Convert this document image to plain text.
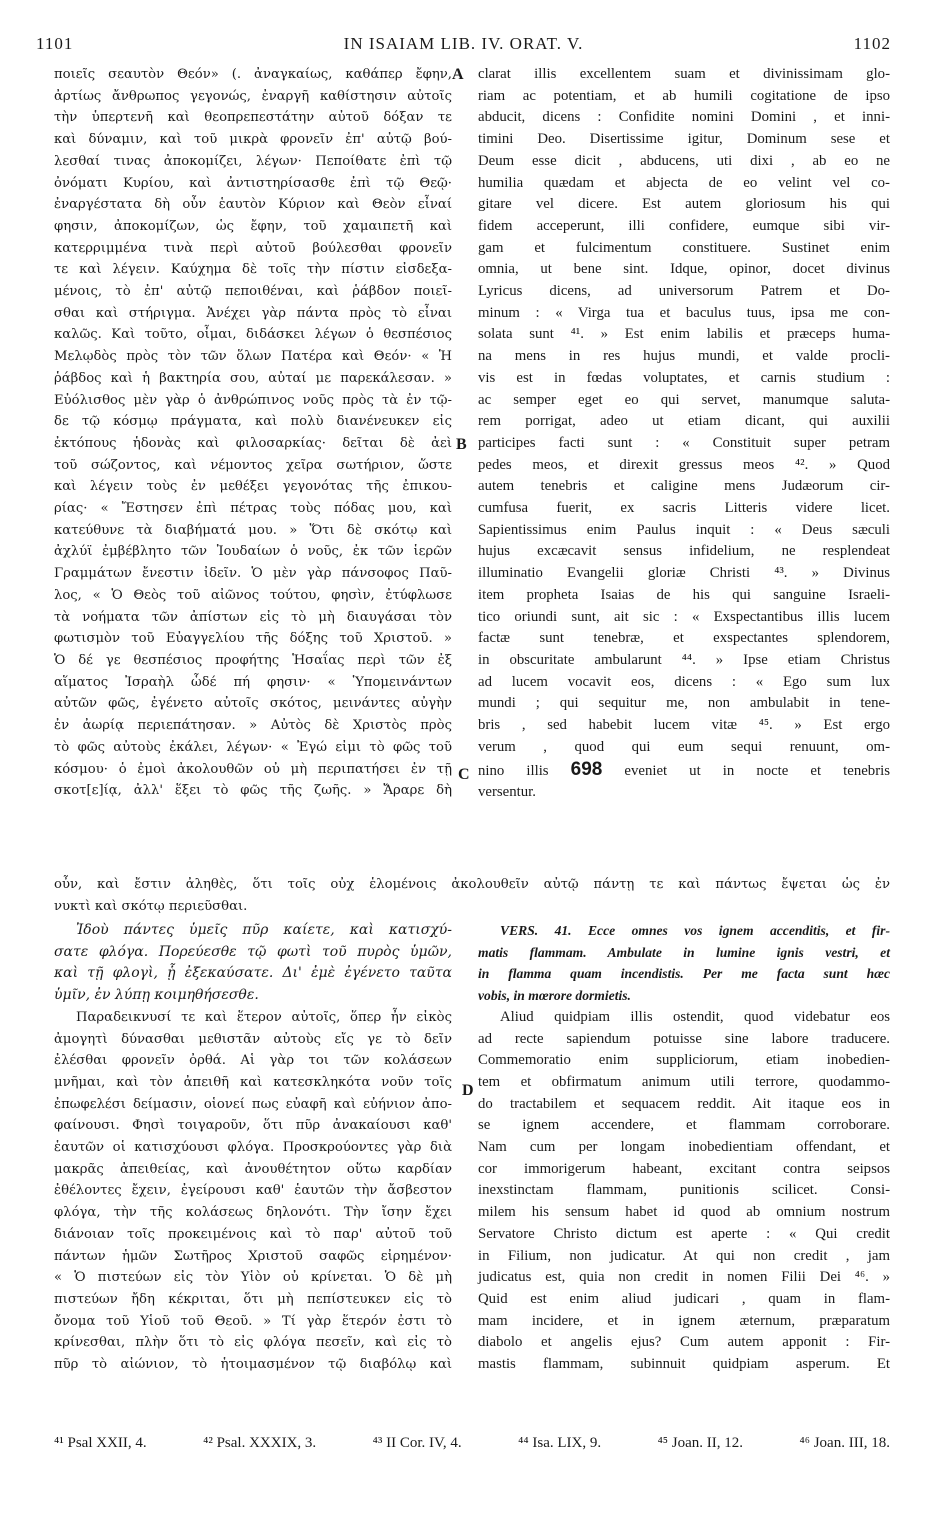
1101	IN ISAIAM LIB. IV. ORAT. V.	1102
A
B
C
D

ποιεῖς σεαυτὸν Θεόν» (. ἀναγκαίως, καθάπερ ἔφην,

ἀρτίως ἄνθρωπος γεγονώς, ἐναργῆ καθίστησιν αὐτοῖς

τὴν ὑπερτενῆ καὶ θεοπρεπεστάτην αὐτοῦ δόξαν τε

καὶ δύναμιν, καὶ τοῦ μικρὰ φρονεῖν ἐπ' αὐτῷ βού-

λεσθαί τινας ἀποκομίζει, λέγων· Πεποίθατε ἐπὶ τῷ

ὀνόματι Κυρίου, καὶ ἀντιστηρίσασθε ἐπὶ τῷ Θεῷ·

ἐναργέστατα δὴ οὖν ἑαυτὸν Κύριον καὶ Θεὸν εἶναί

φησιν, ἀποκομίζων, ὡς ἔφην, τοῦ χαμαιπετῆ καὶ

κατερριμμένα τινὰ περὶ αὐτοῦ βούλεσθαι φρονεῖν

τε καὶ λέγειν. Καύχημα δὲ τοῖς τὴν πίστιν εἰσδεξα-

μένοις, τὸ ἐπ' αὐτῷ πεποιθέναι, καὶ ῥάβδον ποιεῖ-

σθαι καὶ στήριγμα. Ἀνέχει γὰρ πάντα πρὸς τὸ εἶναι

καλῶς. Καὶ τοῦτο, οἶμαι, διδάσκει λέγων ὁ θεσπέσιος

Μελῳδὸς πρὸς τὸν τῶν ὅλων Πατέρα καὶ Θεόν· « Ἡ

ῥάβδος καὶ ἡ βακτηρία σου, αὐταί με παρεκάλεσαν. »

Εὐόλισθος μὲν γὰρ ὁ ἀνθρώπινος νοῦς πρὸς τὰ ἐν τῷ-

δε τῷ κόσμῳ πράγματα, καὶ πολὺ διανένευκεν εἰς

ἐκτόπους ἡδονὰς καὶ φιλοσαρκίας· δεῖται δὲ ἀεὶ

τοῦ σώζοντος, καὶ νέμοντος χεῖρα σωτήριον, ὥστε

καὶ λέγειν τοὺς ἐν μεθέξει γεγονότας τῆς ἐπικου-

ρίας· « Ἔστησεν ἐπὶ πέτρας τοὺς πόδας μου, καὶ

κατεύθυνε τὰ διαβήματά μου. » Ὅτι δὲ σκότῳ καὶ

ἀχλύϊ ἐμβέβλητο τῶν Ἰουδαίων ὁ νοῦς, ἐκ τῶν ἱερῶν

Γραμμάτων ἔνεστιν ἰδεῖν. Ὁ μὲν γὰρ πάνσοφος Παῦ-

λος, « Ὁ Θεὸς τοῦ αἰῶνος τούτου, φησὶν, ἐτύφλωσε

τὰ νοήματα τῶν ἀπίστων εἰς τὸ μὴ διαυγάσαι τὸν

φωτισμὸν τοῦ Εὐαγγελίου τῆς δόξης τοῦ Χριστοῦ. »

Ὁ δέ γε θεσπέσιος προφήτης Ἡσαΐας περὶ τῶν ἐξ

αἵματος Ἰσραὴλ ὧδέ πή φησιν· « Ὑπομεινάντων

αὐτῶν φῶς, ἐγένετο αὐτοῖς σκότος, μεινάντες αὐγὴν

ἐν ἀωρίᾳ περιεπάτησαν. » Αὐτὸς δὲ Χριστὸς πρὸς

τὸ φῶς αὐτοὺς ἐκάλει, λέγων· « Ἐγώ εἰμι τὸ φῶς τοῦ

κόσμου· ὁ ἐμοὶ ἀκολουθῶν οὐ μὴ περιπατήσει ἐν τῇ

σκοτ[ε]ίᾳ, ἀλλ' ἕξει τὸ φῶς τῆς ζωῆς. » Ἄραρε δὴ

clarat illis excellentem suam et divinissimam glo-

riam ac potentiam, et ab humili cogitatione de ipso

abducit, dicens : Confidite nomini Domini , et inni-

timini Deo. Disertissime igitur, Dominum sese et

Deum esse dicit , abducens, uti dixi , ab eo ne

humilia quædam et abjecta de eo velint vel co-

gitare vel dicere. Est autem gloriosum his qui

fidem acceperunt, illi confidere, eumque sibi vir-

gam et fulcimentum constituere. Sustinet enim

omnia, ut bene sint. Idque, opinor, docet divinus

Lyricus dicens, ad universorum Patrem et Do-

minum : « Virga tua et baculus tuus, ipsa me con-

solata sunt ⁴¹. » Est enim labilis et præceps huma-

na mens in res hujus mundi, et valde procli-

vis est in fœdas voluptates, et carnis studium :

ac semper eget eo qui servet, manumque saluta-

rem porrigat, adeo ut etiam dicant, qui auxilii

participes facti sunt : « Constituit super petram

pedes meos, et direxit gressus meos ⁴². » Quod

autem tenebris et caligine mens Judæorum cir-

cumfusa fuerit, ex sacris Litteris videre licet.

Sapientissimus enim Paulus inquit : « Deus sæculi

hujus excæcavit sensus infidelium, ne resplendeat

illuminatio Evangelii gloriæ Christi ⁴³. » Divinus

item propheta Isaias de his qui sanguine Israeli-

tico oriundi sunt, ait sic : « Exspectantibus illis lucem

factæ sunt tenebræ, et exspectantes splendorem,

in obscuritate ambularunt ⁴⁴. » Ipse etiam Christus

ad lucem vocavit eos, dicens : « Ego sum lux

mundi ; qui sequitur me, non ambulabit in tene-

bris , sed habebit lucem vitæ ⁴⁵. » Est ergo

verum , quod qui eum sequi renuunt, om-

nino illis 698 eveniet ut in nocte et tenebris

versentur.

οὖν, καὶ ἔστιν ἀληθὲς, ὅτι τοῖς οὐχ ἑλομένοις ἀκολουθεῖν αὐτῷ πάντῃ τε καὶ πάντως ἔψεται ὡς ἐν

νυκτὶ καὶ σκότῳ περιεῦσθαι.

Ἰδοὺ πάντες ὑμεῖς πῦρ καίετε, καὶ κατισχύ-

σατε φλόγα. Πορεύεσθε τῷ φωτὶ τοῦ πυρὸς ὑμῶν,

καὶ τῇ φλογὶ, ᾗ ἐξεκαύσατε. Δι' ἐμὲ ἐγένετο ταῦτα

ὑμῖν, ἐν λύπῃ κοιμηθήσεσθε.

Παραδεικνυσί τε καὶ ἕτερον αὐτοῖς, ὅπερ ἦν εἰκὸς

ἀμογητὶ δύνασθαι μεθιστᾶν αὐτοὺς εἴς γε τὸ δεῖν

ἐλέσθαι φρονεῖν ὀρθά. Αἱ γὰρ τοι τῶν κολάσεων

μνῆμαι, καὶ τὸν ἀπειθῆ καὶ κατεσκληκότα νοῦν τοῖς

ἐπωφελέσι δείμασιν, οἱονεί πως εὐαφῆ καὶ εὐήνιον ἀπο-

φαίνουσι. Φησὶ τοιγαροῦν, ὅτι πῦρ ἀνακαίουσι καθ'

ἑαυτῶν οἱ κατισχύουσι φλόγα. Προσκρούοντες γὰρ διὰ

μακρᾶς ἀπειθείας, καὶ ἀνουθέτητον οὕτω καρδίαν

ἐθέλοντες ἔχειν, ἐγείρουσι καθ' ἑαυτῶν τὴν ἄσβεστον

φλόγα, τὴν τῆς κολάσεως δηλονότι. Τὴν ἴσην ἔχει

διάνοιαν τοῖς προκειμένοις καὶ τὸ παρ' αὐτοῦ τοῦ

πάντων ἡμῶν Σωτῆρος Χριστοῦ σαφῶς εἰρημένον·

« Ὁ πιστεύων εἰς τὸν Υἱὸν οὐ κρίνεται. Ὁ δὲ μὴ

πιστεύων ἤδη κέκριται, ὅτι μὴ πεπίστευκεν εἰς τὸ

ὄνομα τοῦ Υἱοῦ τοῦ Θεοῦ. » Τί γὰρ ἕτερόν ἐστι τὸ

κρίνεσθαι, πλὴν ὅτι τὸ εἰς φλόγα πεσεῖν, καὶ εἰς τὸ

πῦρ τὸ αἰώνιον, τὸ ἡτοιμασμένον τῷ διαβόλῳ καὶ

VERS. 41. Ecce omnes vos ignem accenditis, et fir-

matis flammam. Ambulate in lumine ignis vestri, et

in flamma quam incendistis. Per me facta sunt hæc

vobis, in mœrore dormietis.

Aliud quidpiam illis ostendit, quod videbatur eos

ad recte sapiendum potuisse sine labore traducere.

Commemoratio enim suppliciorum, etiam inobedien-

tem et obfirmatum animum utili terrore, quodammo-

do tractabilem et sequacem reddit. Ait itaque eos in

se ignem accendere, et flammam corroborare.

Nam cum per longam inobedientiam offendant, et

cor immorigerum habeant, excitant contra seipsos

inexstinctam flammam, punitionis scilicet. Consi-

milem his sensum habet id quod ab omnium nostrum

Servatore Christo dictum est aperte : « Qui credit

in Filium, non judicatur. At qui non credit , jam

judicatus est, quia non credit in nomen Filii Dei ⁴⁶. »

Quid est enim aliud judicari , quam in flam-

mam incidere, et in ignem æternum, præparatum

diabolo et angelis ejus? Cum autem apponit : Fir-

mastis flammam, subinnuit quidpiam asperum. Et

⁴¹ Psal XXII, 4.	⁴² Psal. XXXIX, 3.	⁴³ II Cor. IV, 4.	⁴⁴ Isa. LIX, 9.	⁴⁵ Joan. II, 12.	⁴⁶ Joan. III, 18.
